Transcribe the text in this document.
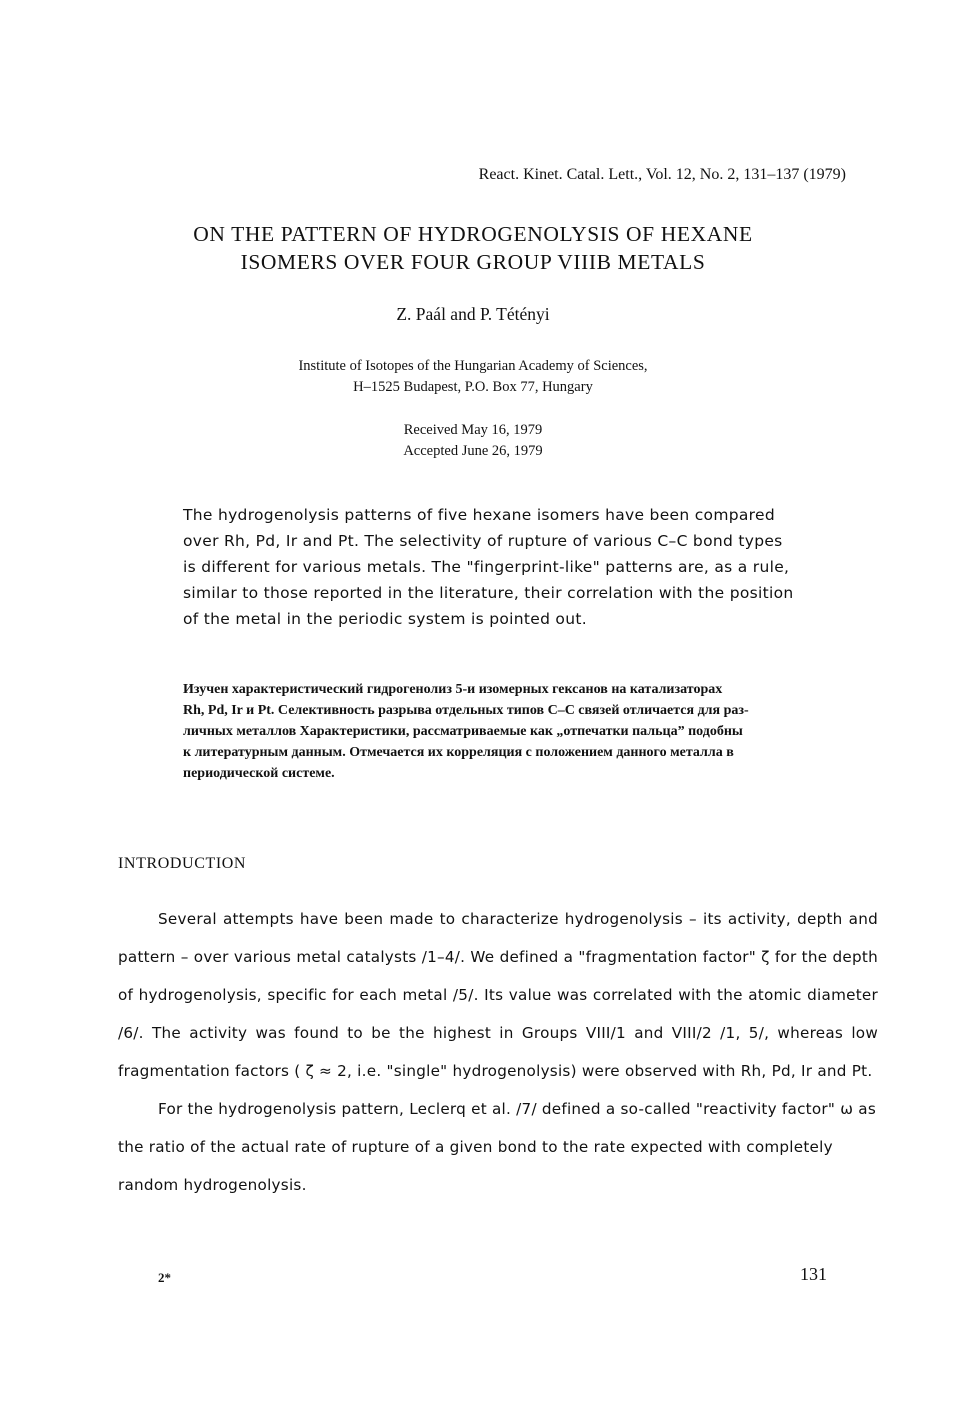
React. Kinet. Catal. Lett., Vol. 12, No. 2, 131–137 (1979)
ON THE PATTERN OF HYDROGENOLYSIS OF HEXANE
ISOMERS OVER FOUR GROUP VIIIB METALS
Z. Paál and P. Tétényi
Institute of Isotopes of the Hungarian Academy of Sciences,
H–1525 Budapest, P.O. Box 77, Hungary
Received May 16, 1979
Accepted June 26, 1979
The hydrogenolysis patterns of five hexane isomers have been compared
over Rh, Pd, Ir and Pt. The selectivity of rupture of various C–C bond types
is different for various metals. The "fingerprint-like" patterns are, as a rule,
similar to those reported in the literature, their correlation with the position
of the metal in the periodic system is pointed out.
Изучен характеристический гидрогенолиз 5-и изомерных гексанов на катализаторах
Rh, Pd, Ir и Pt. Селективность разрыва отдельных типов C–C связей отличается для раз-
личных металлов Характеристики, рассматриваемые как „отпечатки пальца” подобны
к литературным данным. Отмечается их корреляция с положением данного металла в
периодической системе.
INTRODUCTION

Several attempts have been made to characterize hydrogenolysis – its activity, depth and pattern – over various metal catalysts /1–4/. We defined a "fragmentation factor" ζ for the depth of hydrogenolysis, specific for each metal /5/. Its value was correlated with the atomic diameter /6/. The activity was found to be the highest in Groups VIII/1 and VIII/2 /1, 5/, whereas low fragmentation factors ( ζ ≈ 2, i.e. "single" hydrogenolysis) were observed with Rh, Pd, Ir and Pt.

For the hydrogenolysis pattern, Leclerq et al. /7/ defined a so-called "reactivity factor" ω as the ratio of the actual rate of rupture of a given bond to the rate expected with completely random hydrogenolysis.

2*	131
